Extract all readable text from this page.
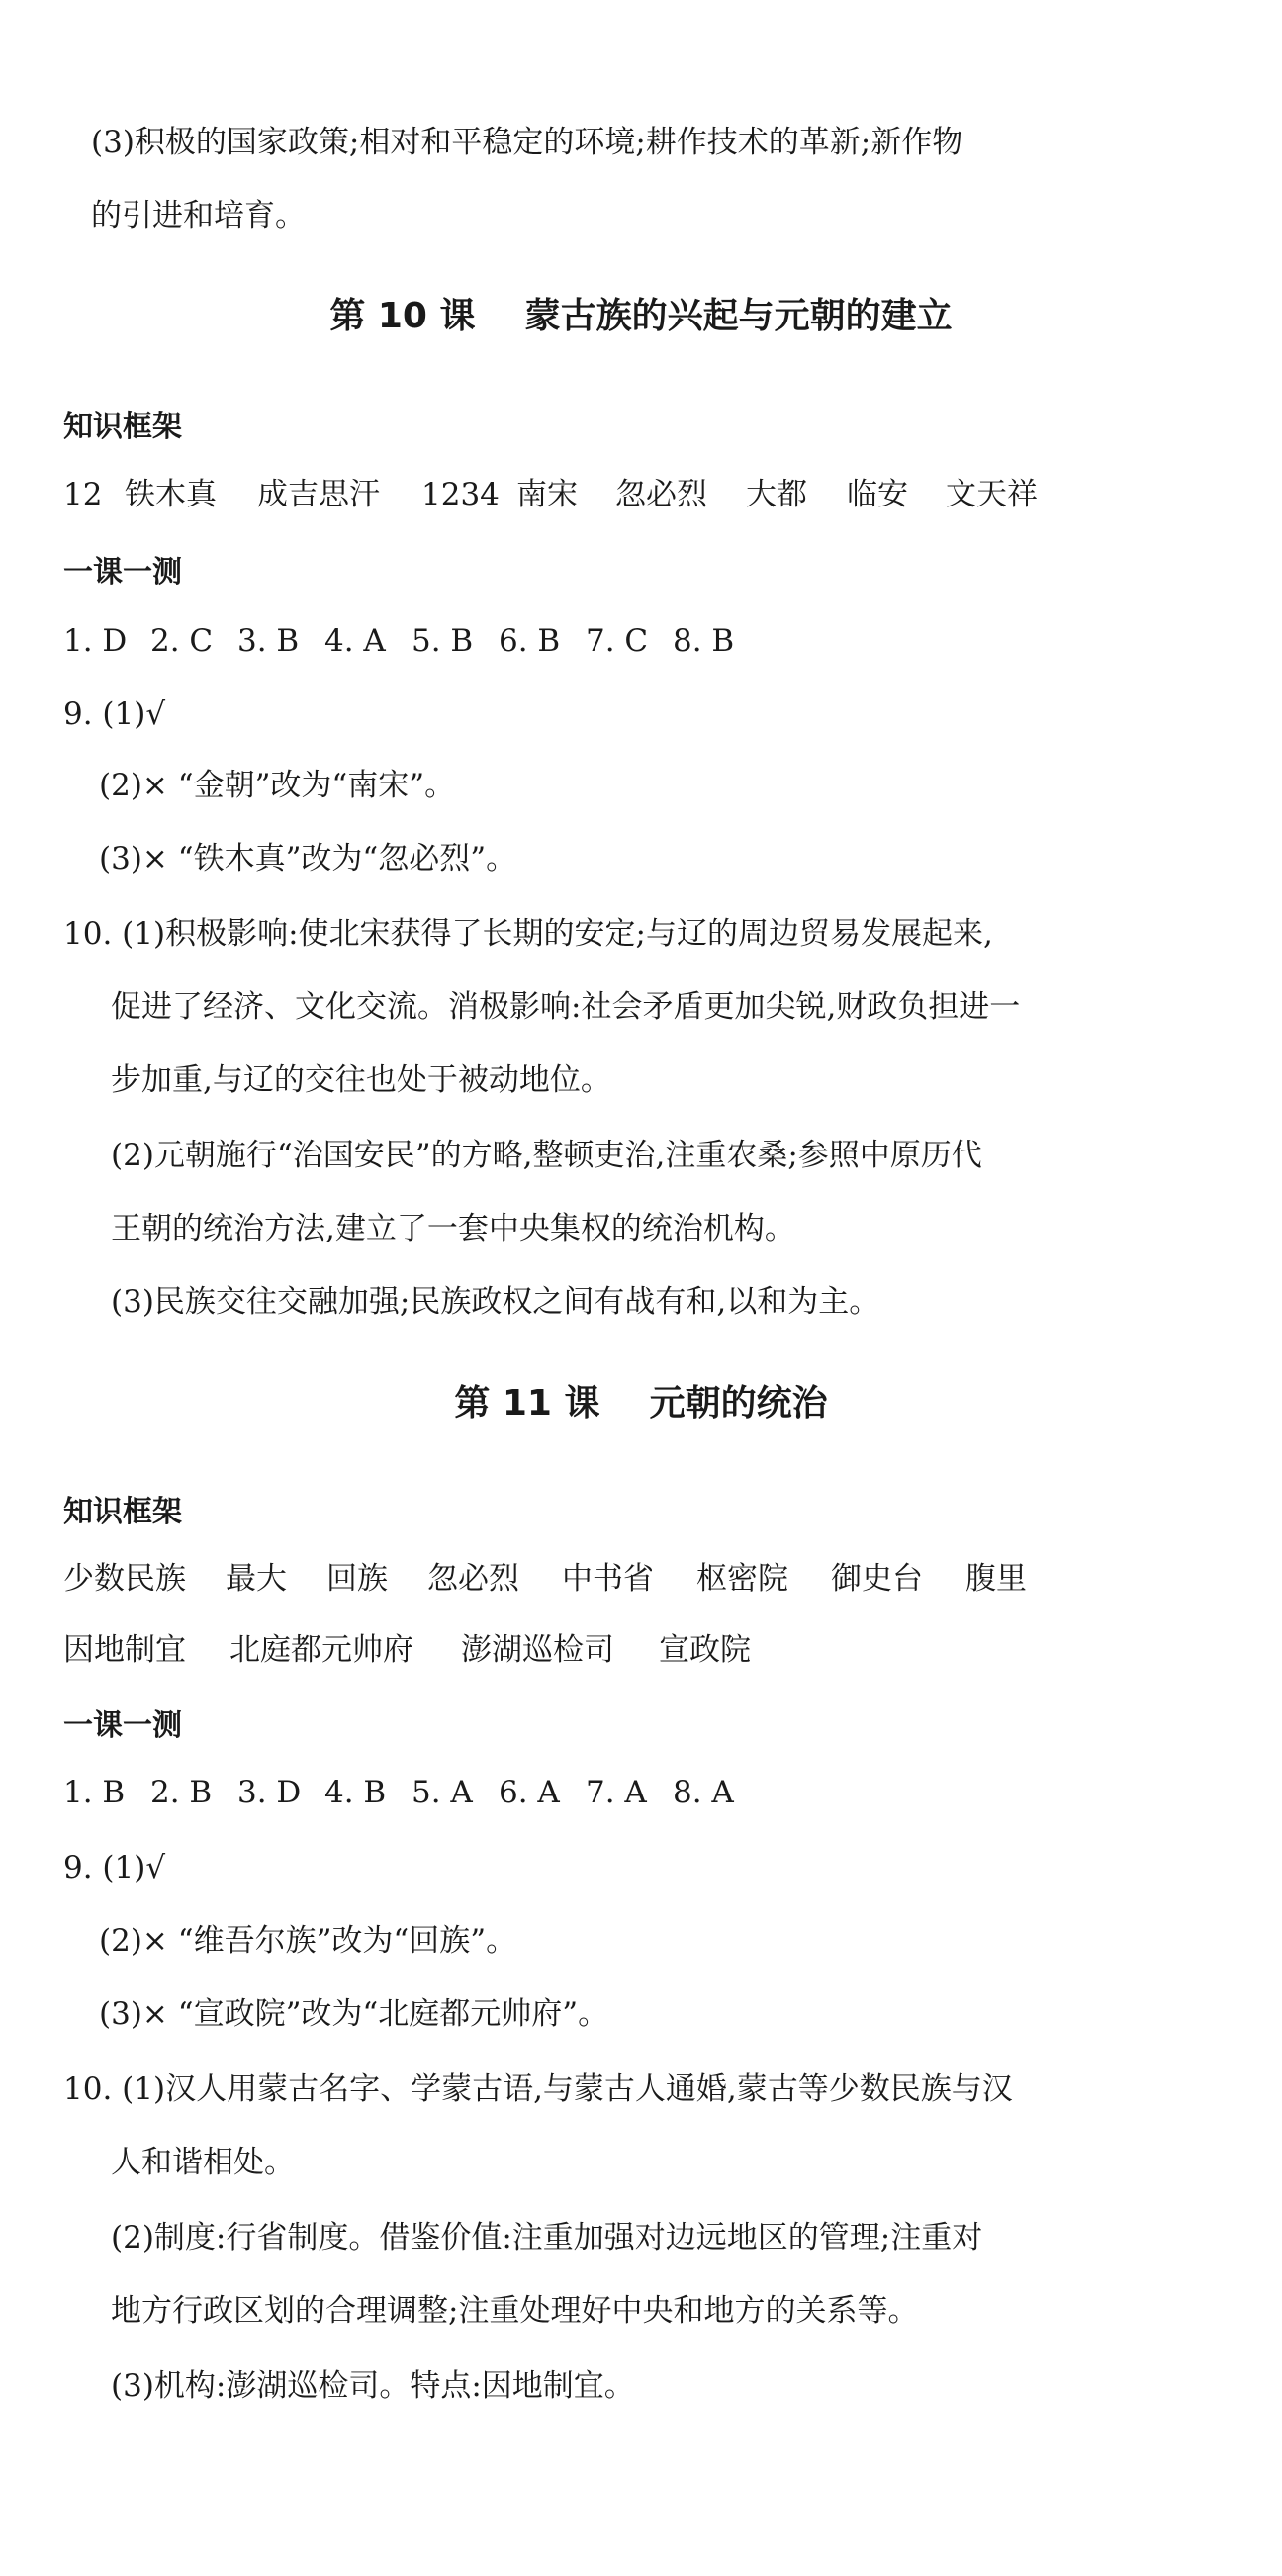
(3)积极的国家政策;相对和平稳定的环境;耕作技术的革新;新作物
的引进和培育。
第 10 课    蒙古族的兴起与元朝的建立
知识框架
12 铁木真	成吉思汗	1234 南宋	忽必烈	大都	临安	文天祥
一课一测
1. D 2. C 3. B 4. A 5. B 6. B 7. C 8. B
9. (1)√
(2)× “金朝”改为“南宋”。
(3)× “铁木真”改为“忽必烈”。
10. (1)积极影响:使北宋获得了长期的安定;与辽的周边贸易发展起来,
促进了经济、文化交流。消极影响:社会矛盾更加尖锐,财政负担进一
步加重,与辽的交往也处于被动地位。
(2)元朝施行“治国安民”的方略,整顿吏治,注重农桑;参照中原历代
王朝的统治方法,建立了一套中央集权的统治机构。
(3)民族交往交融加强;民族政权之间有战有和,以和为主。
第 11 课    元朝的统治
知识框架
少数民族	最大	回族	忽必烈	中书省	枢密院	御史台	腹里
因地制宜	北庭都元帅府	澎湖巡检司	宣政院
一课一测
1. B 2. B 3. D 4. B 5. A 6. A 7. A 8. A
9. (1)√
(2)× “维吾尔族”改为“回族”。
(3)× “宣政院”改为“北庭都元帅府”。
10. (1)汉人用蒙古名字、学蒙古语,与蒙古人通婚,蒙古等少数民族与汉
人和谐相处。
(2)制度:行省制度。借鉴价值:注重加强对边远地区的管理;注重对
地方行政区划的合理调整;注重处理好中央和地方的关系等。
(3)机构:澎湖巡检司。特点:因地制宜。
